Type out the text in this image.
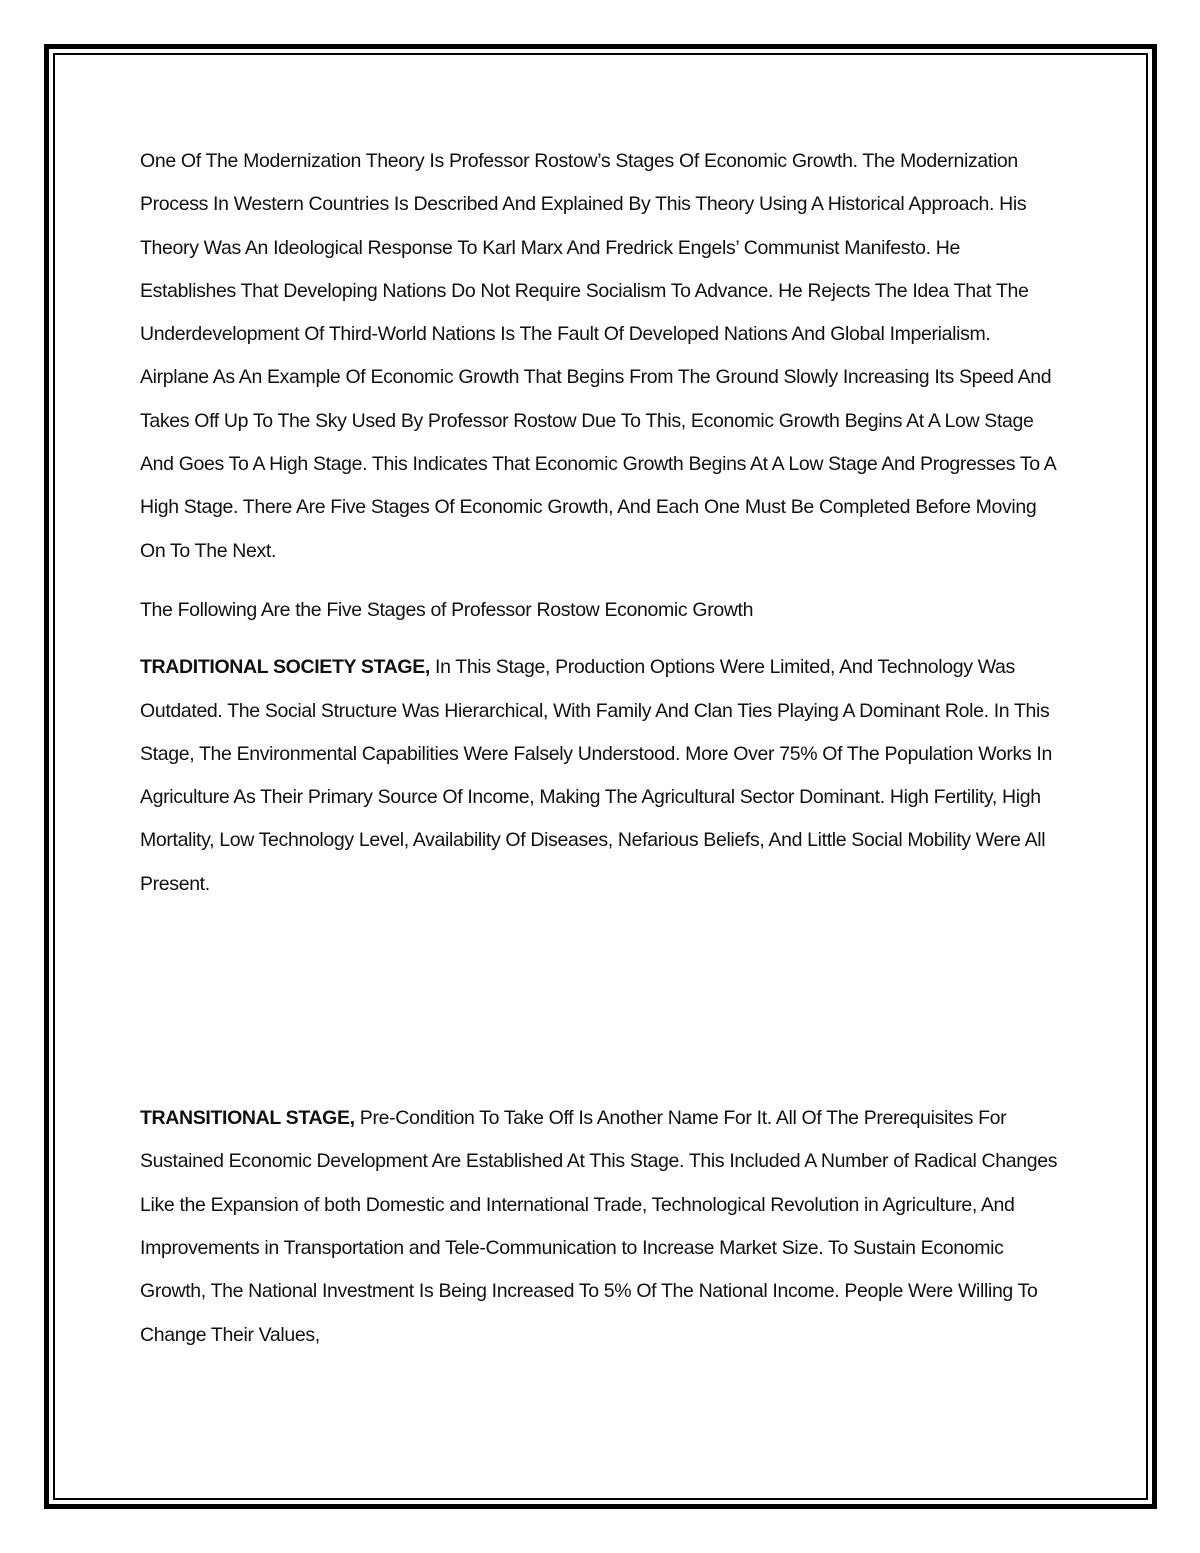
One Of The Modernization Theory Is Professor Rostow’s Stages Of Economic Growth. The Modernization Process In Western Countries Is Described And Explained By This Theory Using A Historical Approach. His Theory Was An Ideological Response To Karl Marx And Fredrick Engels’ Communist Manifesto. He Establishes That Developing Nations Do Not Require Socialism To Advance. He Rejects The Idea That The Underdevelopment Of Third-World Nations Is The Fault Of Developed Nations And Global Imperialism. Airplane As An Example Of Economic Growth That Begins From The Ground Slowly Increasing Its Speed And Takes Off Up To The Sky Used By Professor Rostow Due To This, Economic Growth Begins At A Low Stage And Goes To A High Stage. This Indicates That Economic Growth Begins At A Low Stage And Progresses To A High Stage. There Are Five Stages Of Economic Growth, And Each One Must Be Completed Before Moving On To The Next.

The Following Are the Five Stages of Professor Rostow Economic Growth

TRADITIONAL SOCIETY STAGE, In This Stage, Production Options Were Limited, And Technology Was Outdated. The Social Structure Was Hierarchical, With Family And Clan Ties Playing A Dominant Role. In This Stage, The Environmental Capabilities Were Falsely Understood. More Over 75% Of The Population Works In Agriculture As Their Primary Source Of Income, Making The Agricultural Sector Dominant. High Fertility, High Mortality, Low Technology Level, Availability Of Diseases, Nefarious Beliefs, And Little Social Mobility Were All Present.

TRANSITIONAL STAGE, Pre-Condition To Take Off Is Another Name For It. All Of The Prerequisites For Sustained Economic Development Are Established At This Stage. This Included A Number of Radical Changes Like the Expansion of both Domestic and International Trade, Technological Revolution in Agriculture, And Improvements in Transportation and Tele-Communication to Increase Market Size. To Sustain Economic Growth, The National Investment Is Being Increased To 5% Of The National Income. People Were Willing To Change Their Values,
